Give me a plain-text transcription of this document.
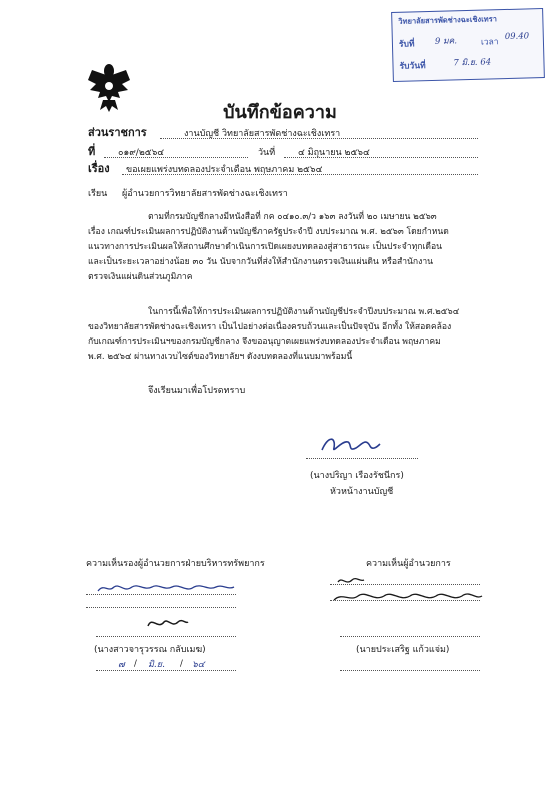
วิทยาลัยสารพัดช่างฉะเชิงเทรา
รับที่ 9 มค.	เวลา
09.40
รับวันที่	7 มิ.ย. 64
บันทึกข้อความ
ส่วนราชการ	งานบัญชี วิทยาลัยสารพัดช่างฉะเชิงเทรา
ที่	๐๑๙/๒๕๖๔	วันที่	๔ มิถุนายน ๒๕๖๔
เรื่อง ขอเผยแพร่งบทดลองประจำเดือน พฤษภาคม ๒๕๖๔
เรียน ผู้อำนวยการวิทยาลัยสารพัดช่างฉะเชิงเทรา
ตามที่กรมบัญชีกลางมีหนังสือที่ กค ๐๔๑๐.๓/ว ๑๖๓ ลงวันที่ ๒๐ เมษายน ๒๕๖๓
เรื่อง เกณฑ์ประเมินผลการปฏิบัติงานด้านบัญชีภาครัฐประจำปี งบประมาณ พ.ศ. ๒๕๖๓ โดยกำหนด
แนวทางการประเมินผลให้สถานศึกษาดำเนินการเปิดเผยงบทดลองสู่สาธารณะ เป็นประจำทุกเดือน
และเป็นระยะเวลาอย่างน้อย ๓๐ วัน นับจากวันที่ส่งให้สำนักงานตรวจเงินแผ่นดิน หรือสำนักงาน
ตรวจเงินแผ่นดินส่วนภูมิภาค
ในการนี้เพื่อให้การประเมินผลการปฏิบัติงานด้านบัญชีประจำปีงบประมาณ พ.ศ.๒๕๖๔
ของวิทยาลัยสารพัดช่างฉะเชิงเทรา เป็นไปอย่างต่อเนื่องครบถ้วนและเป็นปัจจุบัน อีกทั้ง ให้สอดคล้อง
กับเกณฑ์การประเมินฯของกรมบัญชีกลาง จึงขออนุญาตเผยแพร่งบทดลองประจำเดือน พฤษภาคม
พ.ศ. ๒๕๖๔ ผ่านทางเวบไซต์ของวิทยาลัยฯ ดังงบทดลองที่แนบมาพร้อมนี้
จึงเรียนมาเพื่อโปรดทราบ
(นางปริญา เรืองรัชนีกร)
หัวหน้างานบัญชี
ความเห็นรองผู้อำนวยการฝ่ายบริหารทรัพยากร
(นางสาวจารุวรรณ กลับเมฆ)
๗ / มิ.ย. / ๖๔
ความเห็นผู้อำนวยการ
(นายประเสริฐ แก้วแจ่ม)
